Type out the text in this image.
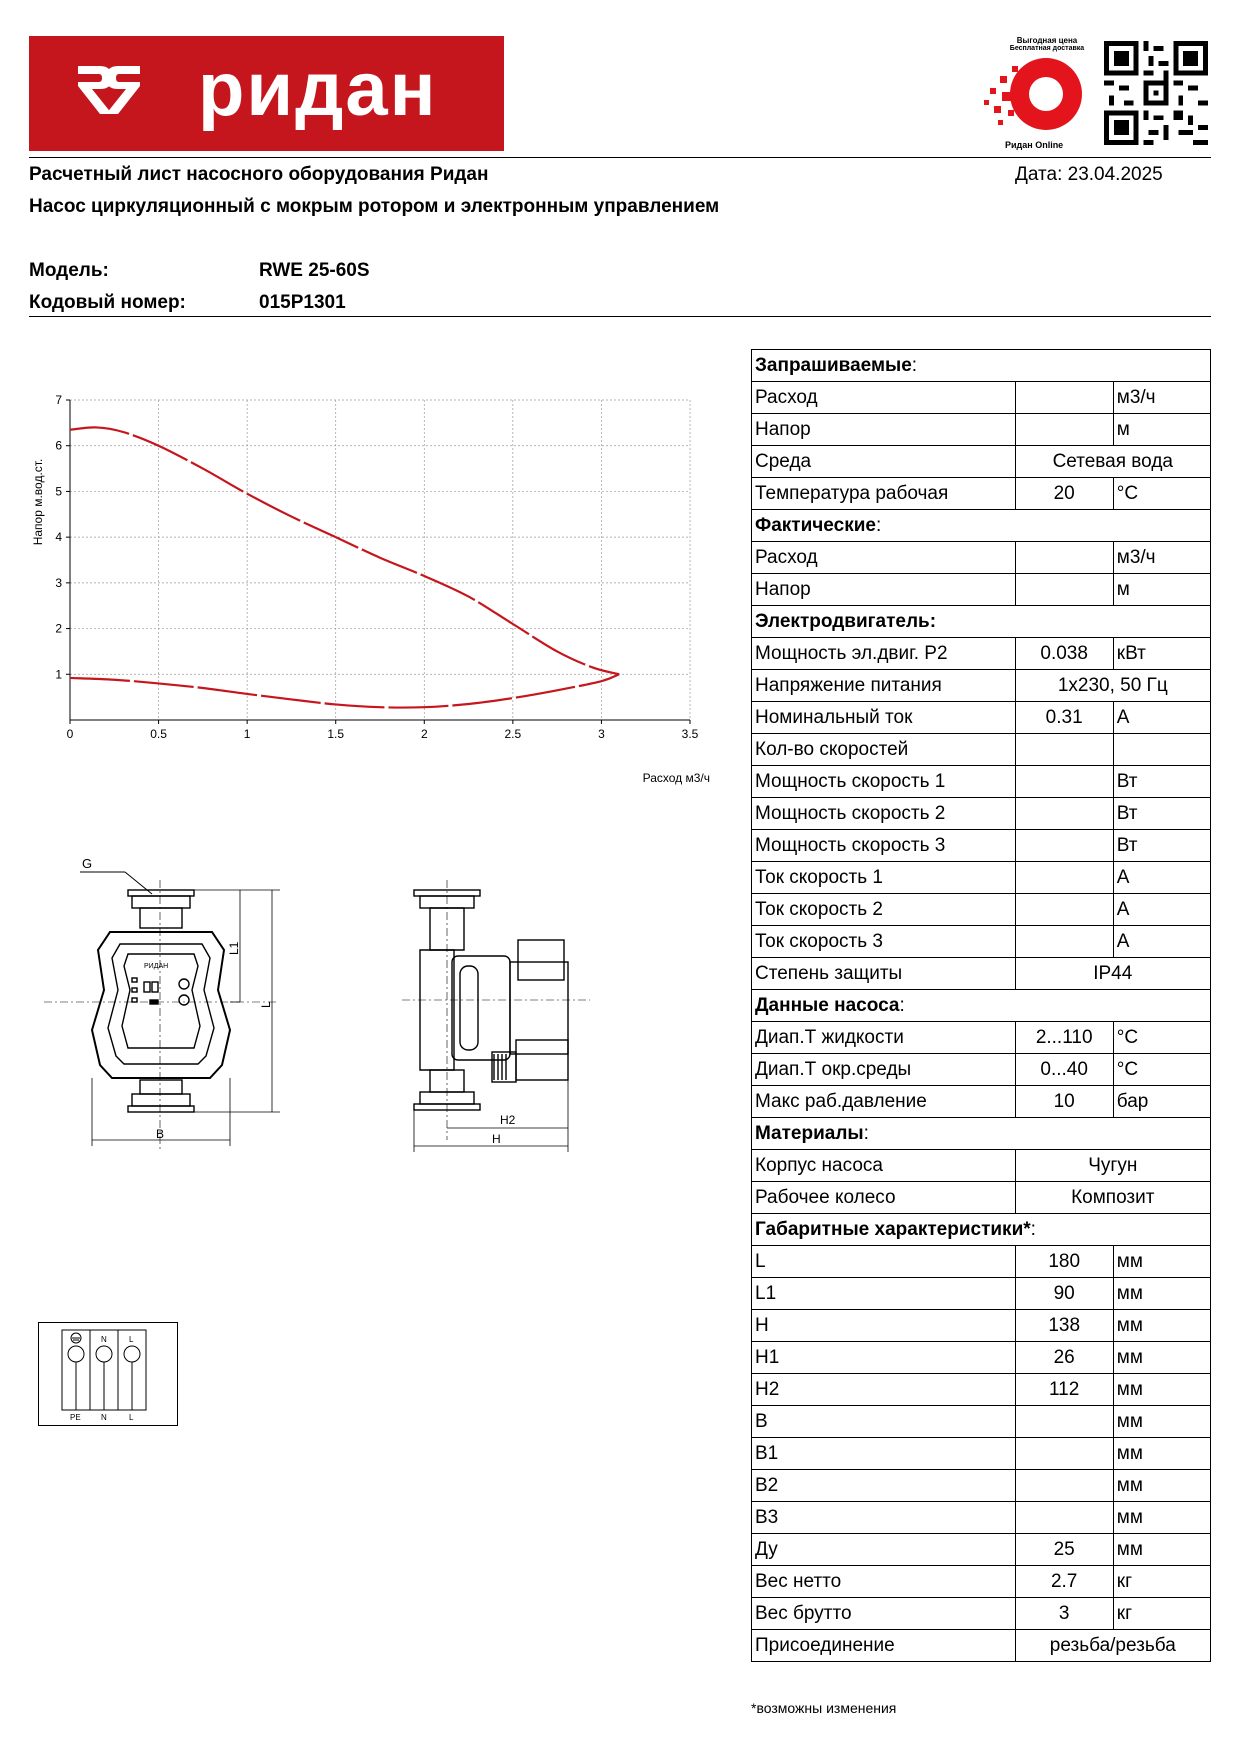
ридан
Выгодная цена
Бесплатная доставка
Ридан Online
Расчетный лист насосного оборудования Ридан	Дата: 23.04.2025
Насос циркуляционный с мокрым ротором и электронным управлением
Модель:	RWE 25-60S
Кодовый номер:	015P1301
0	0.5	1	1.5	2	2.5	3	3.5
1
2
3
4
5
6
7
Расход м3/ч
Напор м.вод.ст.
G
РИДАН
L1
L
B
H2
H
N	L
PE	N	L
Запрашиваемые:		
Расход		м3/ч
Напор		м
Среда	Сетевая вода	
Температура рабочая	20	°C
Фактические:		
Расход		м3/ч
Напор		м
Электродвигатель:		
Мощность эл.двиг. P2	0.038	кВт
Напряжение питания	1x230, 50 Гц	
Номинальный ток	0.31	А
Кол-во скоростей		
Мощность скорость 1		Вт
Мощность скорость 2		Вт
Мощность скорость 3		Вт
Ток скорость 1		А
Ток скорость 2		А
Ток скорость 3		А
Степень защиты	IP44	
Данные насоса:		
Диап.Т жидкости	2...110	°C
Диап.Т окр.среды	0...40	°C
Макс раб.давление	10	бар
Материалы:		
Корпус насоса	Чугун	
Рабочее колесо	Композит	
Габаритные характеристики*:		
L	180	мм
L1	90	мм
H	138	мм
H1	26	мм
H2	112	мм
B		мм
B1		мм
B2		мм
B3		мм
Ду	25	мм
Вес нетто	2.7	кг
Вес брутто	3	кг
Присоединение	резьба/резьба	
*возможны изменения
